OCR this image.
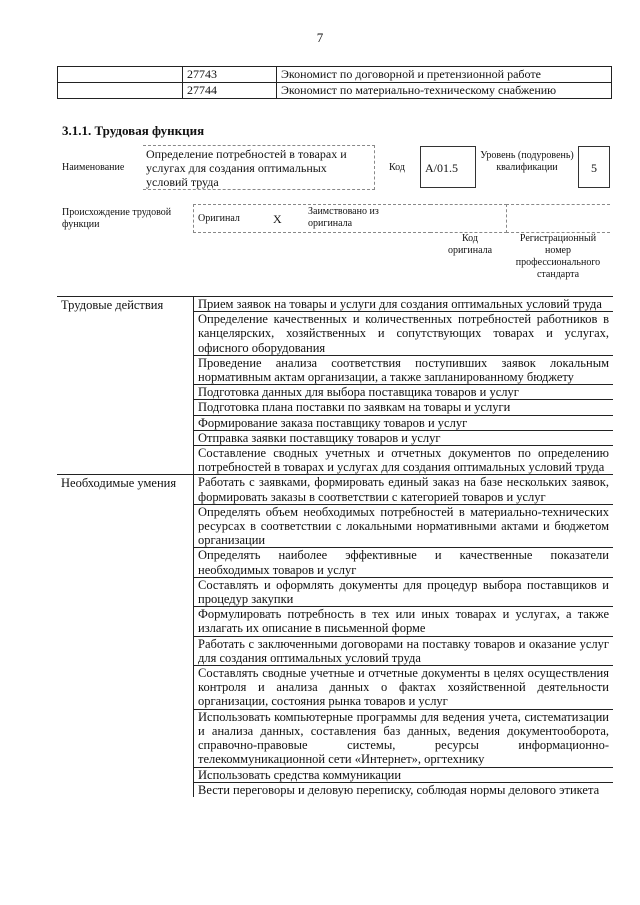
7
	27743	Экономист по договорной и претензионной работе
	27744	Экономист по материально-техническому снабжению
3.1.1. Трудовая функция
Наименование
Определение потребностей в товарах и услугах для создания оптимальных условий труда
Код	A/01.5
Уровень (подуровень) квалификации	5
Происхождение трудовой функции
Оригинал	X
Заимствовано из оригинала
Код оригинала
Регистрационный номер профессионального стандарта
Трудовые действия	Прием заявок на товары и услуги для создания оптимальных условий труда
Определение качественных и количественных потребностей работников в канцелярских, хозяйственных и сопутствующих товарах и услугах, офисного оборудования
Проведение анализа соответствия поступивших заявок локальным нормативным актам организации, а также запланированному бюджету
Подготовка данных для выбора поставщика товаров и услуг
Подготовка плана поставки по заявкам на товары и услуги
Формирование заказа поставщику товаров и услуг
Отправка заявки поставщику товаров и услуг
Составление сводных учетных и отчетных документов по определению потребностей в товарах и услугах для создания оптимальных условий труда
Необходимые умения	Работать с заявками, формировать единый заказ на базе нескольких заявок, формировать заказы в соответствии с категорией товаров и услуг
Определять объем необходимых потребностей в материально-технических ресурсах в соответствии с локальными нормативными актами и бюджетом организации
Определять наиболее эффективные и качественные показатели необходимых товаров и услуг
Составлять и оформлять документы для процедур выбора поставщиков и процедур закупки
Формулировать потребность в тех или иных товарах и услугах, а также излагать их описание в письменной форме
Работать с заключенными договорами на поставку товаров и оказание услуг для создания оптимальных условий труда
Составлять сводные учетные и отчетные документы в целях осуществления контроля и анализа данных о фактах хозяйственной деятельности организации, состояния рынка товаров и услуг
Использовать компьютерные программы для ведения учета, систематизации и анализа данных, составления баз данных, ведения документооборота, справочно-правовые системы, ресурсы информационно-телекоммуникационной сети «Интернет», оргтехнику
Использовать средства коммуникации
Вести переговоры и деловую переписку, соблюдая нормы делового этикета
